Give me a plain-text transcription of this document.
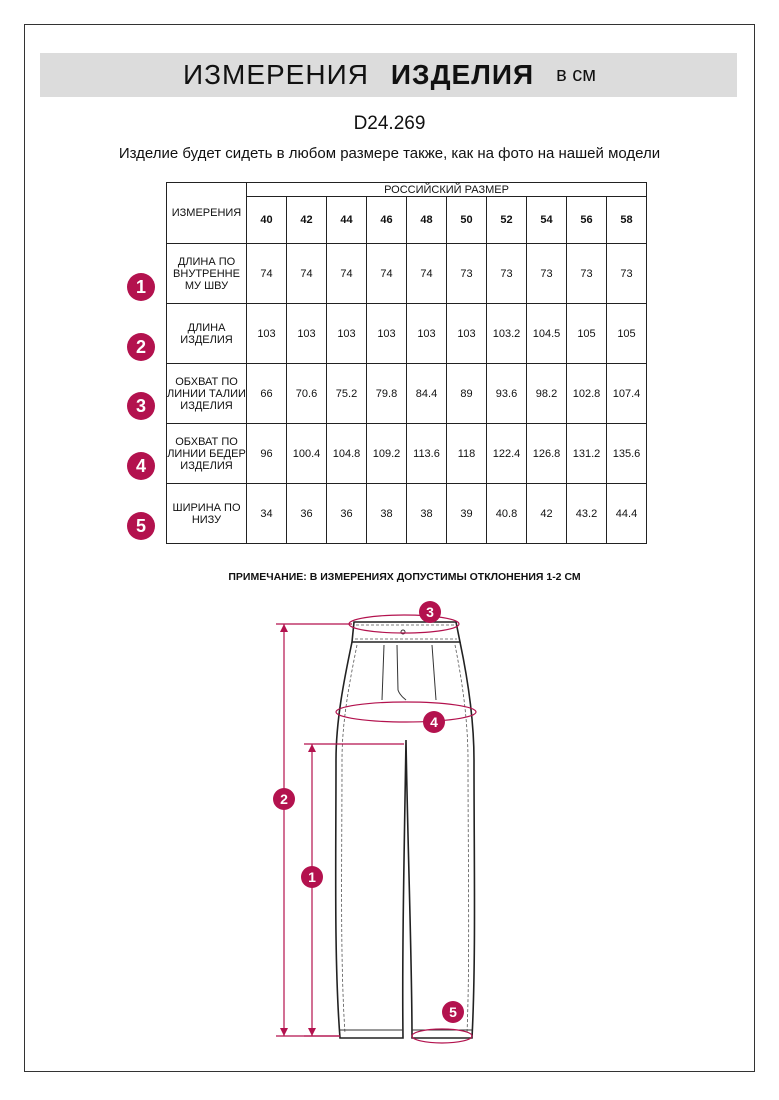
ИЗМЕРЕНИЯ ИЗДЕЛИЯ в см
D24.269
Изделие будет сидеть в любом размере также, как на фото на нашей модели
ИЗМЕРЕНИЯ	РОССИЙСКИЙ РАЗМЕР									
	40	42	44	46	48	50	52	54	56	58
ДЛИНА ПО ВНУТРЕННЕ МУ ШВУ	74	74	74	74	74	73	73	73	73	73
ДЛИНА ИЗДЕЛИЯ	103	103	103	103	103	103	103.2	104.5	105	105
ОБХВАТ ПО ЛИНИИ ТАЛИИ ИЗДЕЛИЯ	66	70.6	75.2	79.8	84.4	89	93.6	98.2	102.8	107.4
ОБХВАТ ПО ЛИНИИ БЕДЕР ИЗДЕЛИЯ	96	100.4	104.8	109.2	113.6	118	122.4	126.8	131.2	135.6
ШИРИНА ПО НИЗУ	34	36	36	38	38	39	40.8	42	43.2	44.4
1
2
3
4
5
ПРИМЕЧАНИЕ: В ИЗМЕРЕНИЯХ ДОПУСТИМЫ ОТКЛОНЕНИЯ 1-2 СМ
3
4
2
1
5
